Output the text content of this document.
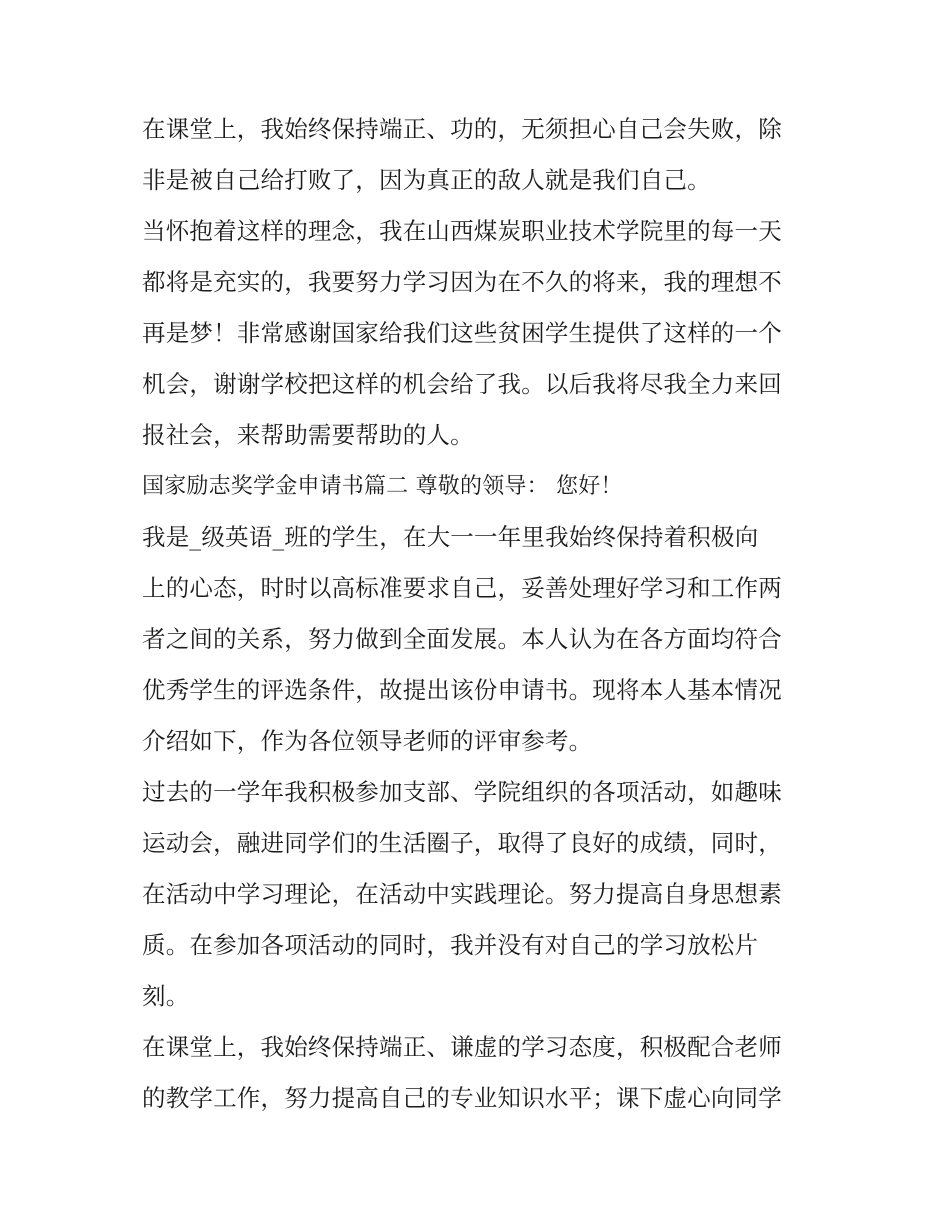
在课堂上，我始终保持端正、功的，无须担心自己会失败，除
非是被自己给打败了，因为真正的敌人就是我们自己。
当怀抱着这样的理念，我在山西煤炭职业技术学院里的每一天
都将是充实的，我要努力学习因为在不久的将来，我的理想不
再是梦！非常感谢国家给我们这些贫困学生提供了这样的一个
机会，谢谢学校把这样的机会给了我。以后我将尽我全力来回
报社会，来帮助需要帮助的人。
国家励志奖学金申请书篇二 尊敬的领导： 您好！
我是_级英语_班的学生，在大一一年里我始终保持着积极向
上的心态，时时以高标准要求自己，妥善处理好学习和工作两
者之间的关系，努力做到全面发展。本人认为在各方面均符合
优秀学生的评选条件，故提出该份申请书。现将本人基本情况
介绍如下，作为各位领导老师的评审参考。
过去的一学年我积极参加支部、学院组织的各项活动，如趣味
运动会，融进同学们的生活圈子，取得了良好的成绩，同时，
在活动中学习理论，在活动中实践理论。努力提高自身思想素
质。在参加各项活动的同时，我并没有对自己的学习放松片
刻。
在课堂上，我始终保持端正、谦虚的学习态度，积极配合老师
的教学工作，努力提高自己的专业知识水平；课下虚心向同学
